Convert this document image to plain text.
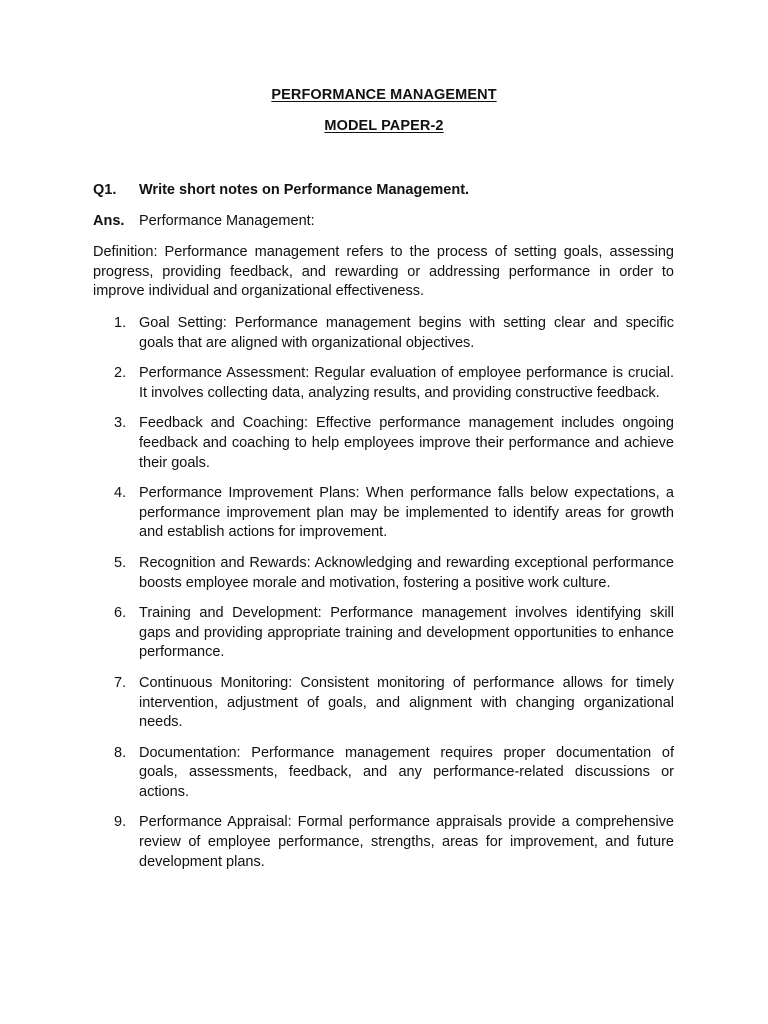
PERFORMANCE MANAGEMENT
MODEL PAPER-2
Q1. Write short notes on Performance Management.
Ans. Performance Management:

Definition: Performance management refers to the process of setting goals, assessing progress, providing feedback, and rewarding or addressing performance in order to improve individual and organizational effectiveness.

1. Goal Setting: Performance management begins with setting clear and specific goals that are aligned with organizational objectives.
2. Performance Assessment: Regular evaluation of employee performance is crucial. It involves collecting data, analyzing results, and providing constructive feedback.
3. Feedback and Coaching: Effective performance management includes ongoing feedback and coaching to help employees improve their performance and achieve their goals.
4. Performance Improvement Plans: When performance falls below expectations, a performance improvement plan may be implemented to identify areas for growth and establish actions for improvement.
5. Recognition and Rewards: Acknowledging and rewarding exceptional performance boosts employee morale and motivation, fostering a positive work culture.
6. Training and Development: Performance management involves identifying skill gaps and providing appropriate training and development opportunities to enhance performance.
7. Continuous Monitoring: Consistent monitoring of performance allows for timely intervention, adjustment of goals, and alignment with changing organizational needs.
8. Documentation: Performance management requires proper documentation of goals, assessments, feedback, and any performance-related discussions or actions.
9. Performance Appraisal: Formal performance appraisals provide a comprehensive review of employee performance, strengths, areas for improvement, and future development plans.
